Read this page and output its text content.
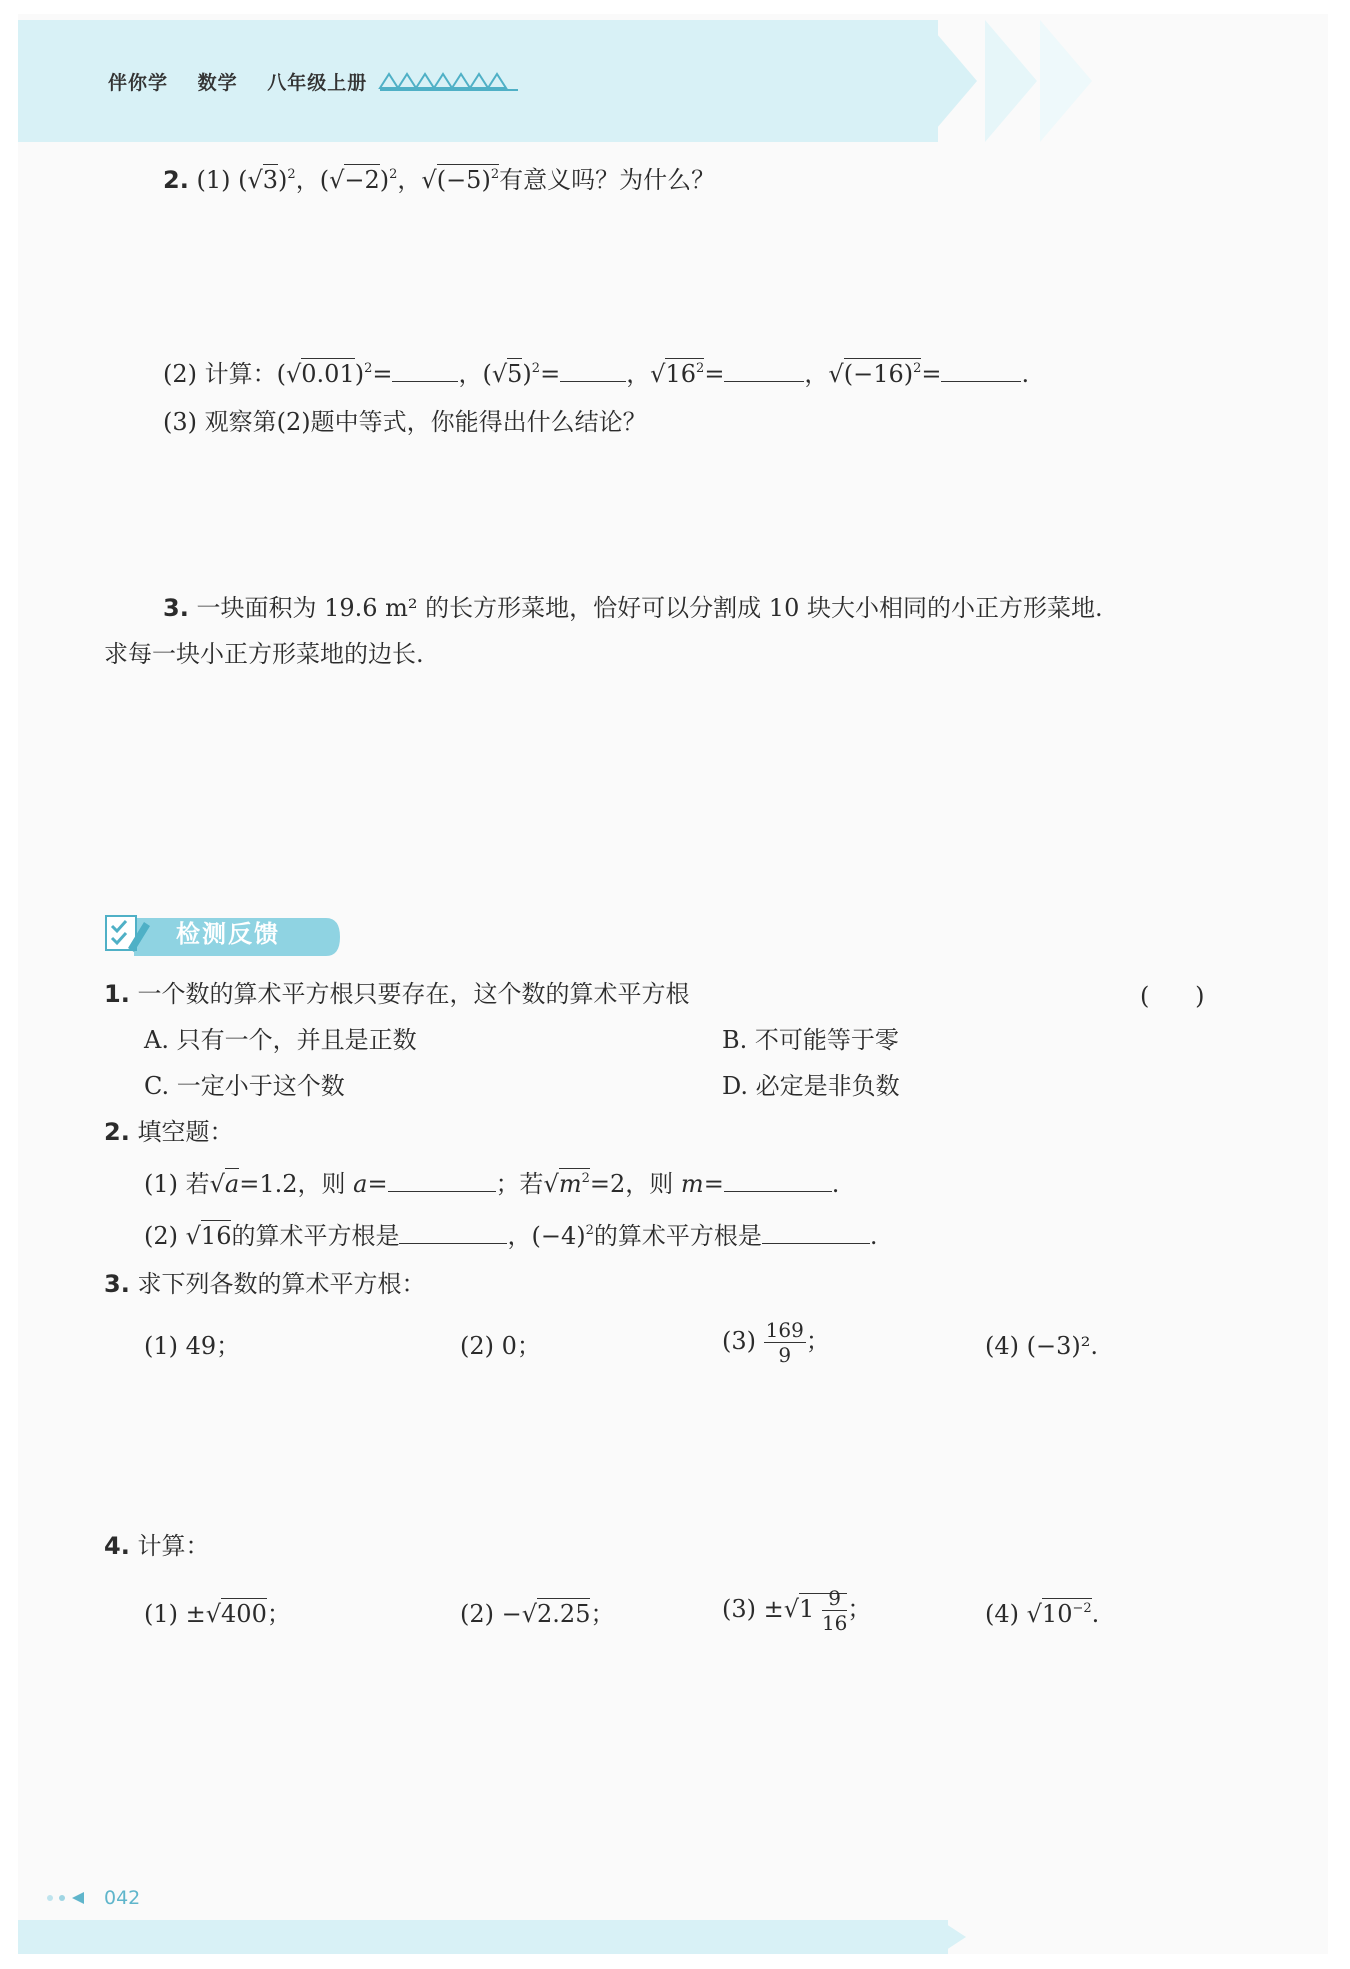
伴你学 数学 八年级上册
2. (1) $(√3)^2$，$(√-2)^2$，$√(-5)^2$有意义吗？为什么？
(2) 计算：$(√0.01)^2=$	，$(√5)^2=$	，$√16^2=$	，$√(-16)^2=$	.
(3) 观察第(2)题中等式，你能得出什么结论？
3. 一块面积为 19.6 m² 的长方形菜地，恰好可以分割成 10 块大小相同的小正方形菜地.
求每一块小正方形菜地的边长.
检测反馈
1. 一个数的算术平方根只要存在，这个数的算术平方根	(      )
A. 只有一个，并且是正数	B. 不可能等于零
C. 一定小于这个数	D. 必定是非负数
2. 填空题：
(1) 若√a=1.2，则 a=	；若$√m^2=2$，则 m=	.
(2) √16的算术平方根是	，$(-4)^2$的算术平方根是	.
3. 求下列各数的算术平方根：
(1) 49；	(2) 0；	$(3) \frac{169}{9}$ ；	(4) (−3)².
4. 计算：
(1) ±√400；	(2) −√2.25；	$(3) \pm√1 \frac{9}{16}$ ；	(4) $√10^{-2}$.
042
